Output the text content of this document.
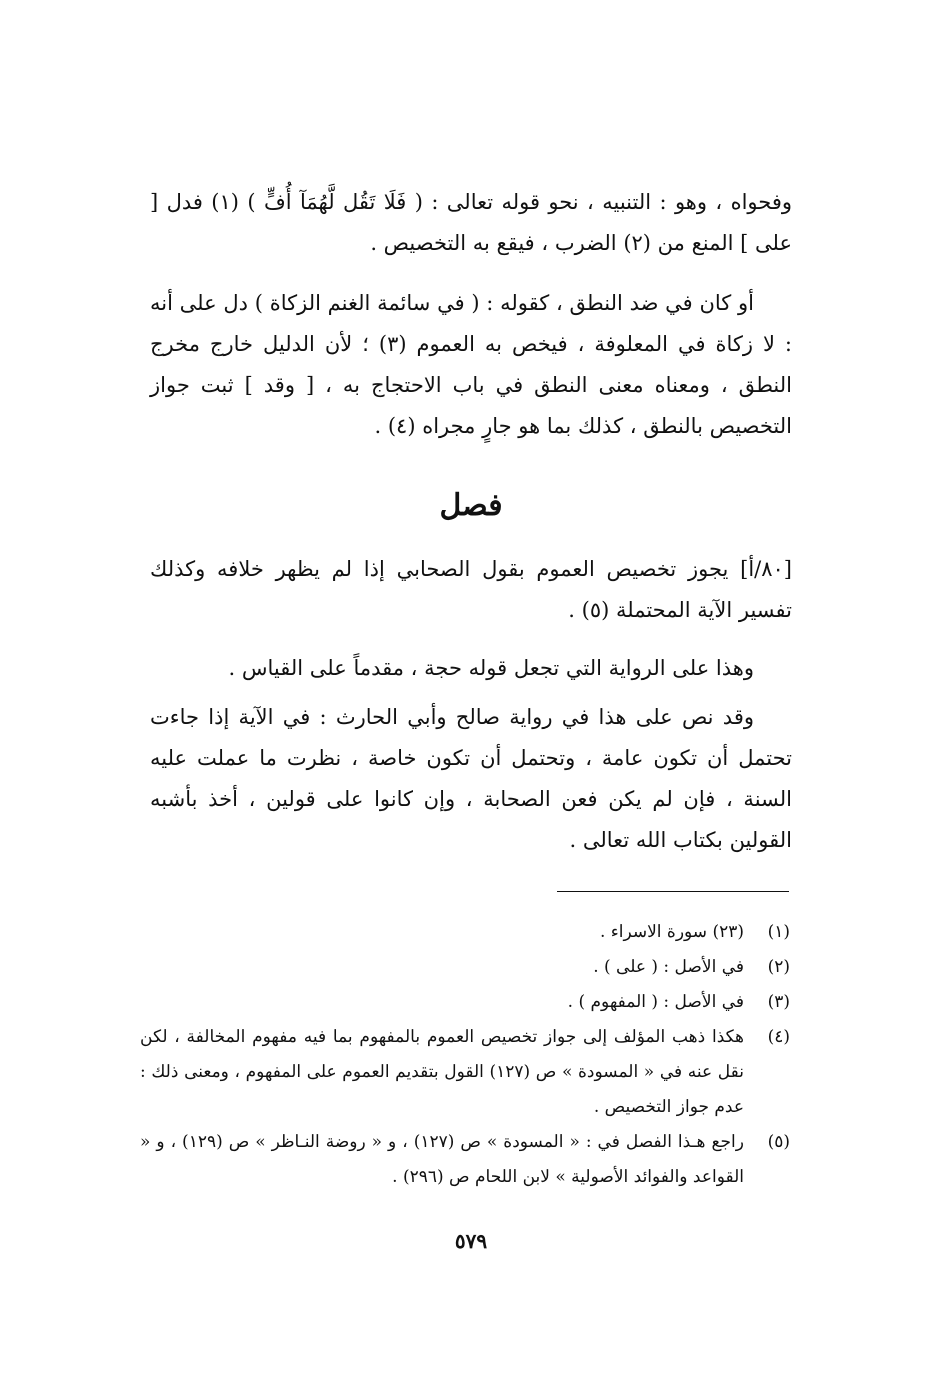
وفحواه ، وهو : التنبيه ، نحو قوله تعالى : ( فَلَا تَقُل لَّهُمَآ أُفٍّ ) (١) فدل [ على ] المنع من (٢) الضرب ، فيقع به التخصيص .

أو كان في ضد النطق ، كقوله : ( في سائمة الغنم الزكاة ) دل على أنه : لا زكاة في المعلوفة ، فيخص به العموم (٣) ؛ لأن الدليل خارج مخرج النطق ، ومعناه معنى النطق في باب الاحتجاج به ، [ وقد ] ثبت جواز التخصيص بالنطق ، كذلك بما هو جارٍ مجراه (٤) .

فصل

[٨٠/أ] يجوز تخصيص العموم بقول الصحابي إذا لم يظهر خلافه وكذلك تفسير الآية المحتملة (٥) .

وهذا على الرواية التي تجعل قوله حجة ، مقدماً على القياس .

وقد نص على هذا في رواية صالح وأبي الحارث : في الآية إذا جاءت تحتمل أن تكون عامة ، وتحتمل أن تكون خاصة ، نظرت ما عملت عليه السنة ، فإن لم يكن فعن الصحابة ، وإن كانوا على قولين ، أخذ بأشبه القولين بكتاب الله تعالى .

(١)
(٢٣) سورة الاسراء .
(٢)
في الأصل : ( على ) .
(٣)
في الأصل : ( المفهوم ) .
(٤)
هكذا ذهب المؤلف إلى جواز تخصيص العموم بالمفهوم بما فيه مفهوم المخالفة ، لكن نقل عنه في « المسودة » ص (١٢٧) القول بتقديم العموم على المفهوم ، ومعنى ذلك : عدم جواز التخصيص .
(٥)
راجع هـذا الفصل في : « المسودة » ص (١٢٧) ، و « روضة النـاظر » ص (١٢٩) ، و « القواعد والفوائد الأصولية » لابن اللحام ص (٢٩٦) .
٥٧٩
